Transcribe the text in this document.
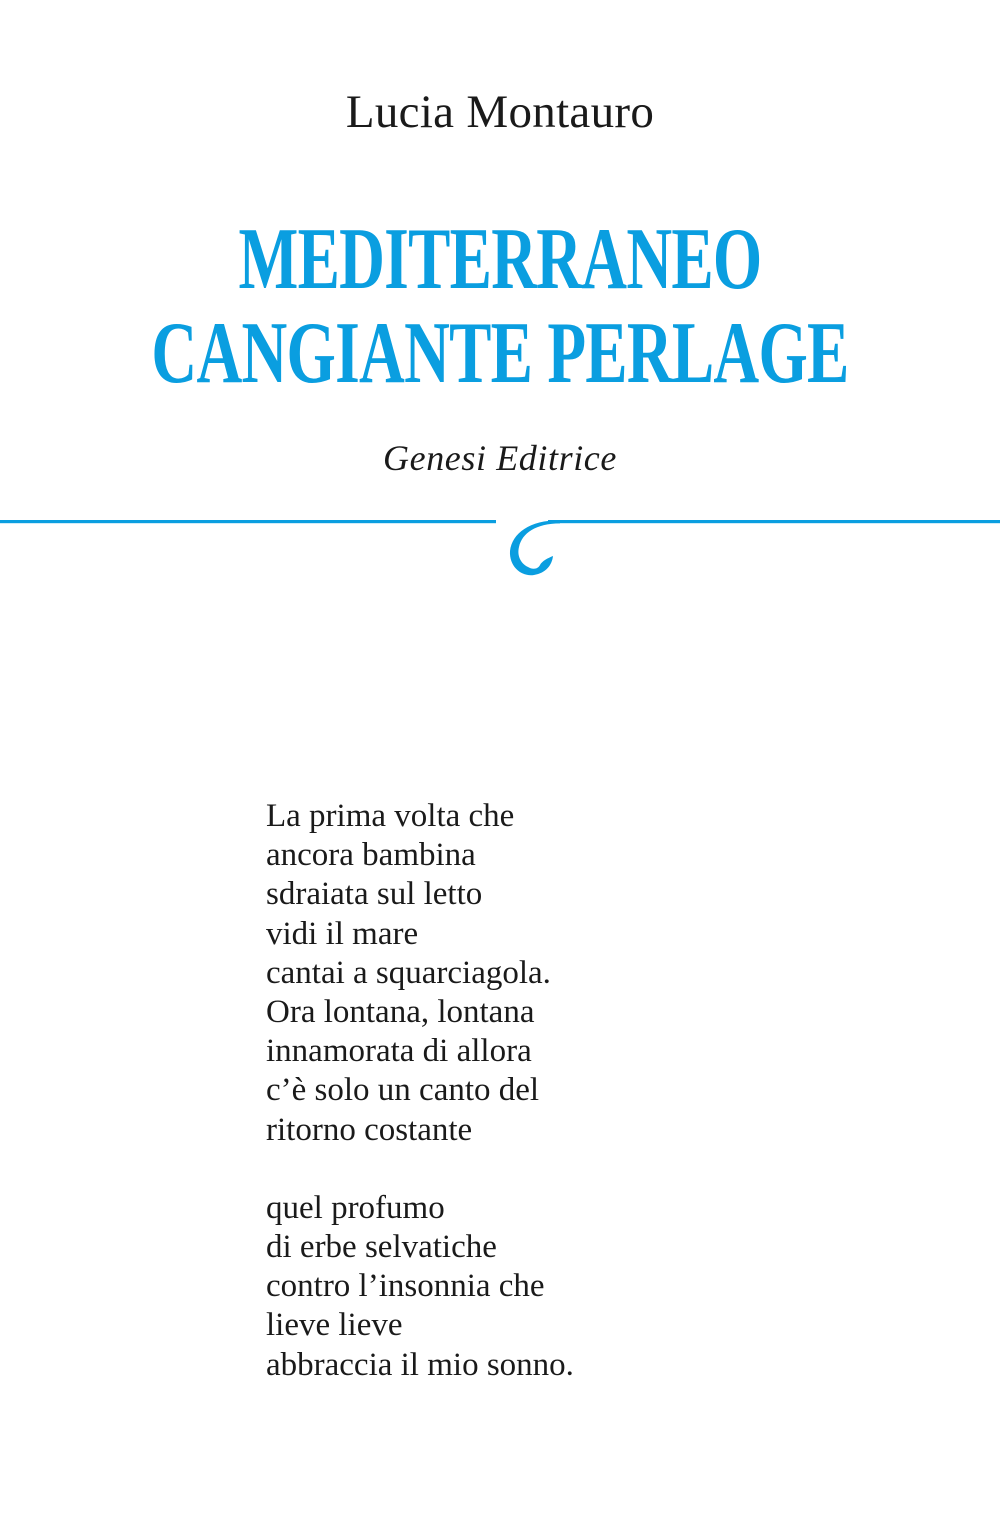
Lucia Montauro
MEDITERRANEO
CANGIANTE PERLAGE
Genesi Editrice
La prima volta che
ancora bambina
sdraiata sul letto
vidi il mare
cantai a squarciagola.
Ora lontana, lontana
innamorata di allora
c’è solo un canto del
ritorno costante
quel profumo
di erbe selvatiche
contro l’insonnia che
lieve lieve
abbraccia il mio sonno.
